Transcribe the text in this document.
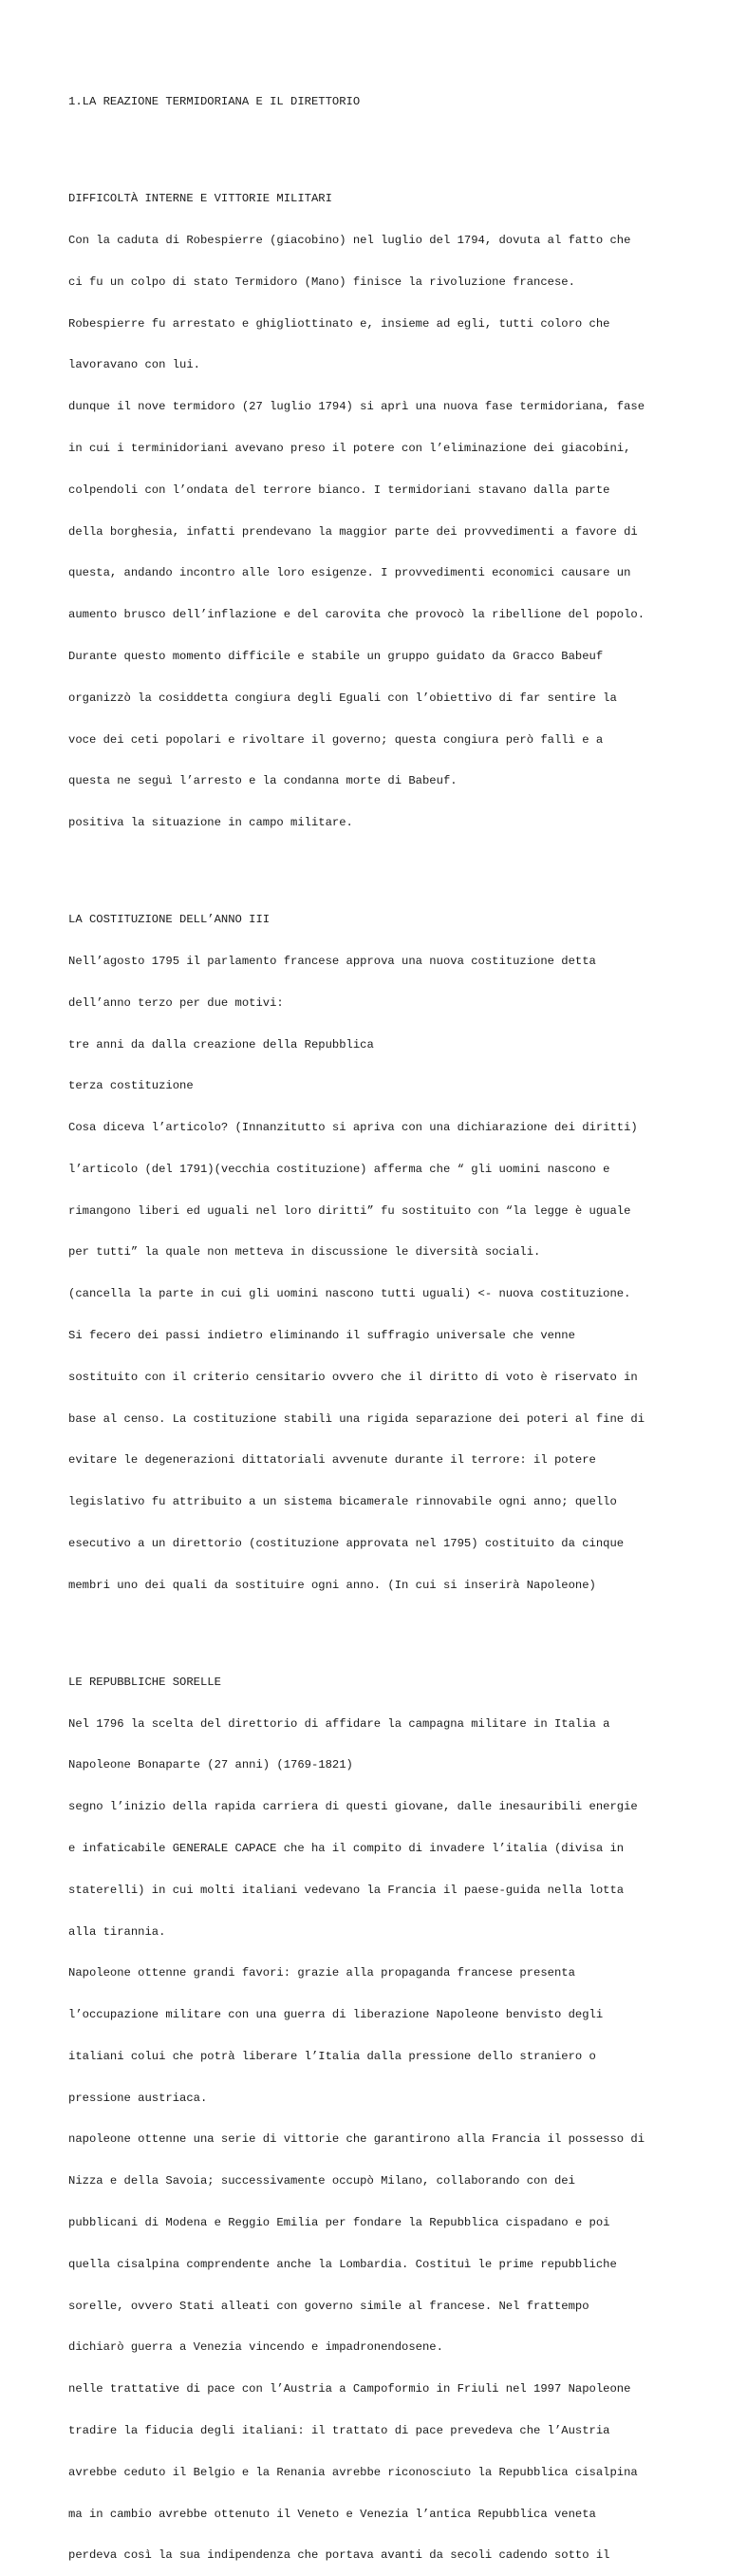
1.LA REAZIONE TERMIDORIANA E IL DIRETTORIO

DIFFICOLTÀ INTERNE E VITTORIE MILITARI

Con la caduta di Robespierre (giacobino) nel luglio del 1794, dovuta al fatto che

ci fu un colpo di stato Termidoro (Mano) finisce la rivoluzione francese.

Robespierre fu arrestato e ghigliottinato e, insieme ad egli, tutti coloro che

lavoravano con lui.

dunque il nove termidoro (27 luglio 1794) si aprì una nuova fase termidoriana, fase

in cui i terminidoriani avevano preso il potere con l’eliminazione dei giacobini,

colpendoli con l’ondata del terrore bianco. I termidoriani stavano dalla parte

della borghesia, infatti prendevano la maggior parte dei provvedimenti a favore di

questa, andando incontro alle loro esigenze. I provvedimenti economici causare un

aumento brusco dell’inflazione e del carovita che provocò la ribellione del popolo.

Durante questo momento difficile e stabile un gruppo guidato da Gracco Babeuf

organizzò la cosiddetta congiura degli Eguali con l’obiettivo di far sentire la

voce dei ceti popolari e rivoltare il governo; questa congiura però fallì e a

questa ne seguì l’arresto e la condanna morte di Babeuf.

positiva la situazione in campo militare.

LA COSTITUZIONE DELL’ANNO III

Nell’agosto 1795 il parlamento francese approva una nuova costituzione detta

dell’anno terzo per due motivi:

tre anni da dalla creazione della Repubblica

terza costituzione

Cosa diceva l’articolo? (Innanzitutto si apriva con una dichiarazione dei diritti)

l’articolo (del 1791)(vecchia costituzione) afferma che “ gli uomini nascono e

rimangono liberi ed uguali nel loro diritti” fu sostituito con “la legge è uguale

per tutti” la quale non metteva in discussione le diversità sociali.

(cancella la parte in cui gli uomini nascono tutti uguali) <- nuova costituzione.

Si fecero dei passi indietro eliminando il suffragio universale che venne

sostituito con il criterio censitario ovvero che il diritto di voto è riservato in

base al censo. La costituzione stabilì una rigida separazione dei poteri al fine di

evitare le degenerazioni dittatoriali avvenute durante il terrore: il potere

legislativo fu attribuito a un sistema bicamerale rinnovabile ogni anno; quello

esecutivo a un direttorio (costituzione approvata nel 1795) costituito da cinque

membri uno dei quali da sostituire ogni anno. (In cui si inserirà Napoleone)

LE REPUBBLICHE SORELLE

Nel 1796 la scelta del direttorio di affidare la campagna militare in Italia a

Napoleone Bonaparte (27 anni) (1769-1821)

segno l’inizio della rapida carriera di questi giovane, dalle inesauribili energie

e infaticabile GENERALE CAPACE che ha il compito di invadere l’italia (divisa in

staterelli) in cui molti italiani vedevano la Francia il paese-guida nella lotta

alla tirannia.

Napoleone ottenne grandi favori: grazie alla propaganda francese presenta

l’occupazione militare con una guerra di liberazione Napoleone benvisto degli

italiani colui che potrà liberare l’Italia dalla pressione dello straniero o

pressione austriaca.

napoleone ottenne una serie di vittorie che garantirono alla Francia il possesso di

Nizza e della Savoia; successivamente occupò Milano, collaborando con dei

pubblicani di Modena e Reggio Emilia per fondare la Repubblica cispadano e poi

quella cisalpina comprendente anche la Lombardia. Costituì le prime repubbliche

sorelle, ovvero Stati alleati con governo simile al francese. Nel frattempo

dichiarò guerra a Venezia vincendo e impadronendosene.

nelle trattative di pace con l’Austria a Campoformio in Friuli nel 1997 Napoleone

tradire la fiducia degli italiani: il trattato di pace prevedeva che l’Austria

avrebbe ceduto il Belgio e la Renania avrebbe riconosciuto la Repubblica cisalpina

ma in cambio avrebbe ottenuto il Veneto e Venezia l’antica Repubblica veneta

perdeva così la sua indipendenza che portava avanti da secoli cadendo sotto il
